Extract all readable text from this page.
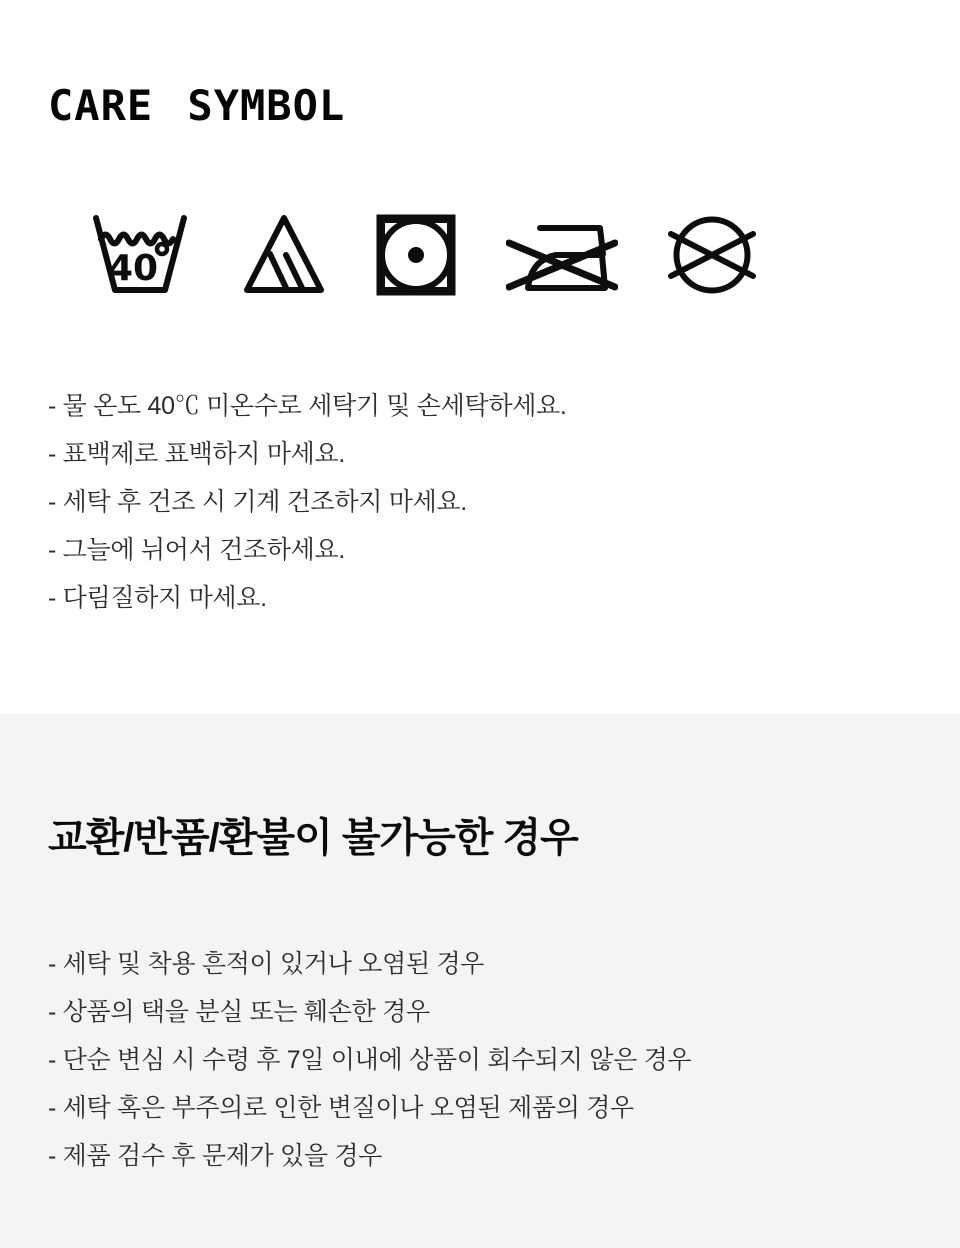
CARE SYMBOL
40
- 물 온도 40℃ 미온수로 세탁기 및 손세탁하세요.
- 표백제로 표백하지 마세요.
- 세탁 후 건조 시 기계 건조하지 마세요.
- 그늘에 뉘어서 건조하세요.
- 다림질하지 마세요.
교환/반품/환불이 불가능한 경우
- 세탁 및 착용 흔적이 있거나 오염된 경우
- 상품의 택을 분실 또는 훼손한 경우
- 단순 변심 시 수령 후 7일 이내에 상품이 회수되지 않은 경우
- 세탁 혹은 부주의로 인한 변질이나 오염된 제품의 경우
- 제품 검수 후 문제가 있을 경우
